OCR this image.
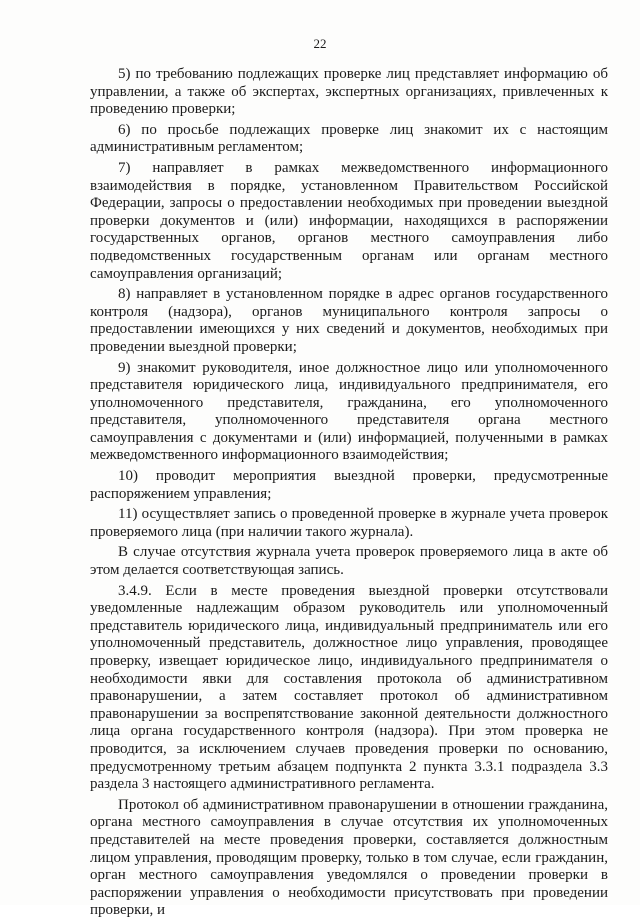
22

5) по требованию подлежащих проверке лиц представляет информацию об управлении, а также об экспертах, экспертных организациях, привлеченных к проведению проверки;

6) по просьбе подлежащих проверке лиц знакомит их с настоящим административным регламентом;

7) направляет в рамках межведомственного информационного взаимодействия в порядке, установленном Правительством Российской Федерации, запросы о предоставлении необходимых при проведении выездной проверки документов и (или) информации, находящихся в распоряжении государственных органов, органов местного самоуправления либо подведомственных государственным органам или органам местного самоуправления организаций;

8) направляет в установленном порядке в адрес органов государственного контроля (надзора), органов муниципального контроля запросы о предоставлении имеющихся у них сведений и документов, необходимых при проведении выездной проверки;

9) знакомит руководителя, иное должностное лицо или уполномоченного представителя юридического лица, индивидуального предпринимателя, его уполномоченного представителя, гражданина, его уполномоченного представителя, уполномоченного представителя органа местного самоуправления с документами и (или) информацией, полученными в рамках межведомственного информационного взаимодействия;

10) проводит мероприятия выездной проверки, предусмотренные распоряжением управления;

11) осуществляет запись о проведенной проверке в журнале учета проверок проверяемого лица (при наличии такого журнала).

В случае отсутствия журнала учета проверок проверяемого лица в акте об этом делается соответствующая запись.

3.4.9. Если в месте проведения выездной проверки отсутствовали уведомленные надлежащим образом руководитель или уполномоченный представитель юридического лица, индивидуальный предприниматель или его уполномоченный представитель, должностное лицо управления, проводящее проверку, извещает юридическое лицо, индивидуального предпринимателя о необходимости явки для составления протокола об административном правонарушении, а затем составляет протокол об административном правонарушении за воспрепятствование законной деятельности должностного лица органа государственного контроля (надзора). При этом проверка не проводится, за исключением случаев проведения проверки по основанию, предусмотренному третьим абзацем подпункта 2 пункта 3.3.1 подраздела 3.3 раздела 3 настоящего административного регламента.

Протокол об административном правонарушении в отношении гражданина, органа местного самоуправления в случае отсутствия их уполномоченных представителей на месте проведения проверки, составляется должностным лицом управления, проводящим проверку, только в том случае, если гражданин, орган местного самоуправления уведомлялся о проведении проверки в распоряжении управления о необходимости присутствовать при проведении проверки, и
